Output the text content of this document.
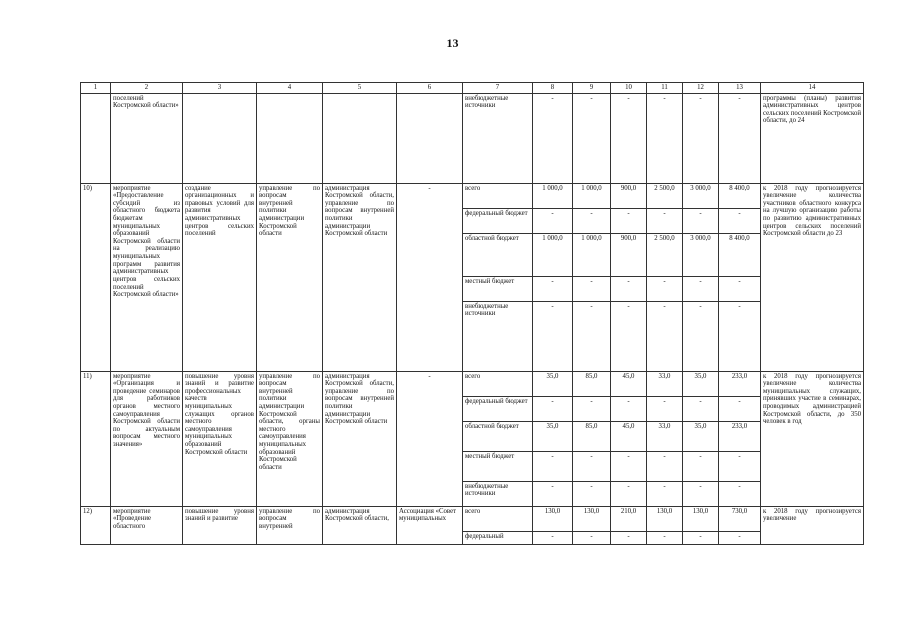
13
1	2	3	4	5	6	7	8	9	10	11	12	13	14
	поселений Костромской области»					внебюджетные источники	-	-	-	-	-	-	программы (планы) развития административных центров сельских поселений Костромской области, до 24
10)	мероприятие «Предоставление субсидий из областного бюджета бюджетам муниципальных образований Костромской области на реализацию муниципальных программ развития административных центров сельских поселений Костромской области»	создание организационных и правовых условий для развития административных центров сельских поселений	управление по вопросам внутренней политики администрации Костромской области	администрация Костромской области, управление по вопросам внутренней политики администрации Костромской области	-	всего	1 000,0	1 000,0	900,0	2 500,0	3 000,0	8 400,0	к 2018 году прогнозируется увеличение количества участников областного конкурса на лучшую организацию работы по развитию административных центров сельских поселений Костромской области до 23
						федеральный бюджет	-	-	-	-	-	-	
						областной бюджет	1 000,0	1 000,0	900,0	2 500,0	3 000,0	8 400,0	
						местный бюджет	-	-	-	-	-	-	
						внебюджетные источники	-	-	-	-	-	-	
11)	мероприятие «Организация и проведение семинаров для работников органов местного самоуправления Костромской области по актуальным вопросам местного значения»	повышение уровня знаний и развитие профессиональных качеств муниципальных служащих органов местного самоуправления муниципальных образований Костромской области	управление по вопросам внутренней политики администрации Костромской области, органы местного самоуправления муниципальных образований Костромской области	администрация Костромской области, управление по вопросам внутренней политики администрации Костромской области	-	всего	35,0	85,0	45,0	33,0	35,0	233,0	к 2018 году прогнозируется увеличение количества муниципальных служащих, принявших участие в семинарах, проводимых администрацией Костромской области, до 350 человек в год
						федеральный бюджет	-	-	-	-	-	-	
						областной бюджет	35,0	85,0	45,0	33,0	35,0	233,0	
						местный бюджет	-	-	-	-	-	-	
						внебюджетные источники	-	-	-	-	-	-	
12)	мероприятие «Проведение областного	повышение уровня знаний и развитие	управление по вопросам внутренней	администрация Костромской области,	Ассоциация «Совет муниципальных	всего	130,0	130,0	210,0	130,0	130,0	730,0	к 2018 году прогнозируется увеличение
						федеральный	-	-	-	-	-	-	
